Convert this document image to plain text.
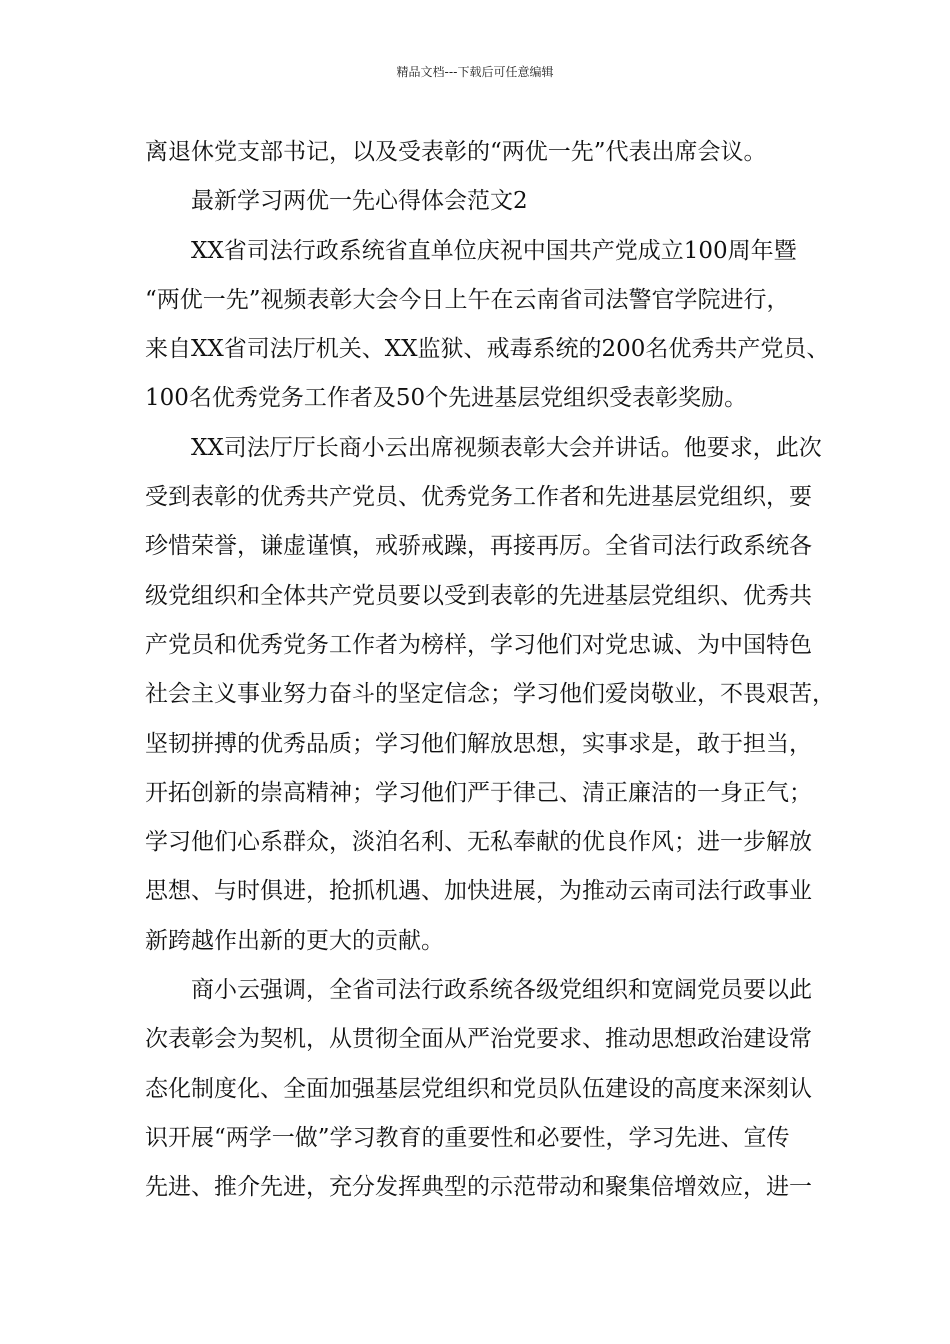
精品文档---下载后可任意编辑
离退休党支部书记，以及受表彰的“两优一先”代表出席会议。
最新学习两优一先心得体会范文2
XX省司法行政系统省直单位庆祝中国共产党成立100周年暨
“两优一先”视频表彰大会今日上午在云南省司法警官学院进行，
来自XX省司法厅机关、XX监狱、戒毒系统的200名优秀共产党员、
100名优秀党务工作者及50个先进基层党组织受表彰奖励。
XX司法厅厅长商小云出席视频表彰大会并讲话。他要求，此次
受到表彰的优秀共产党员、优秀党务工作者和先进基层党组织，要
珍惜荣誉，谦虚谨慎，戒骄戒躁，再接再厉。全省司法行政系统各
级党组织和全体共产党员要以受到表彰的先进基层党组织、优秀共
产党员和优秀党务工作者为榜样，学习他们对党忠诚、为中国特色
社会主义事业努力奋斗的坚定信念；学习他们爱岗敬业，不畏艰苦，
坚韧拼搏的优秀品质；学习他们解放思想，实事求是，敢于担当，
开拓创新的崇高精神；学习他们严于律己、清正廉洁的一身正气；
学习他们心系群众，淡泊名利、无私奉献的优良作风；进一步解放
思想、与时俱进，抢抓机遇、加快进展，为推动云南司法行政事业
新跨越作出新的更大的贡献。
商小云强调，全省司法行政系统各级党组织和宽阔党员要以此
次表彰会为契机，从贯彻全面从严治党要求、推动思想政治建设常
态化制度化、全面加强基层党组织和党员队伍建设的高度来深刻认
识开展“两学一做”学习教育的重要性和必要性，学习先进、宣传
先进、推介先进，充分发挥典型的示范带动和聚集倍增效应，进一
